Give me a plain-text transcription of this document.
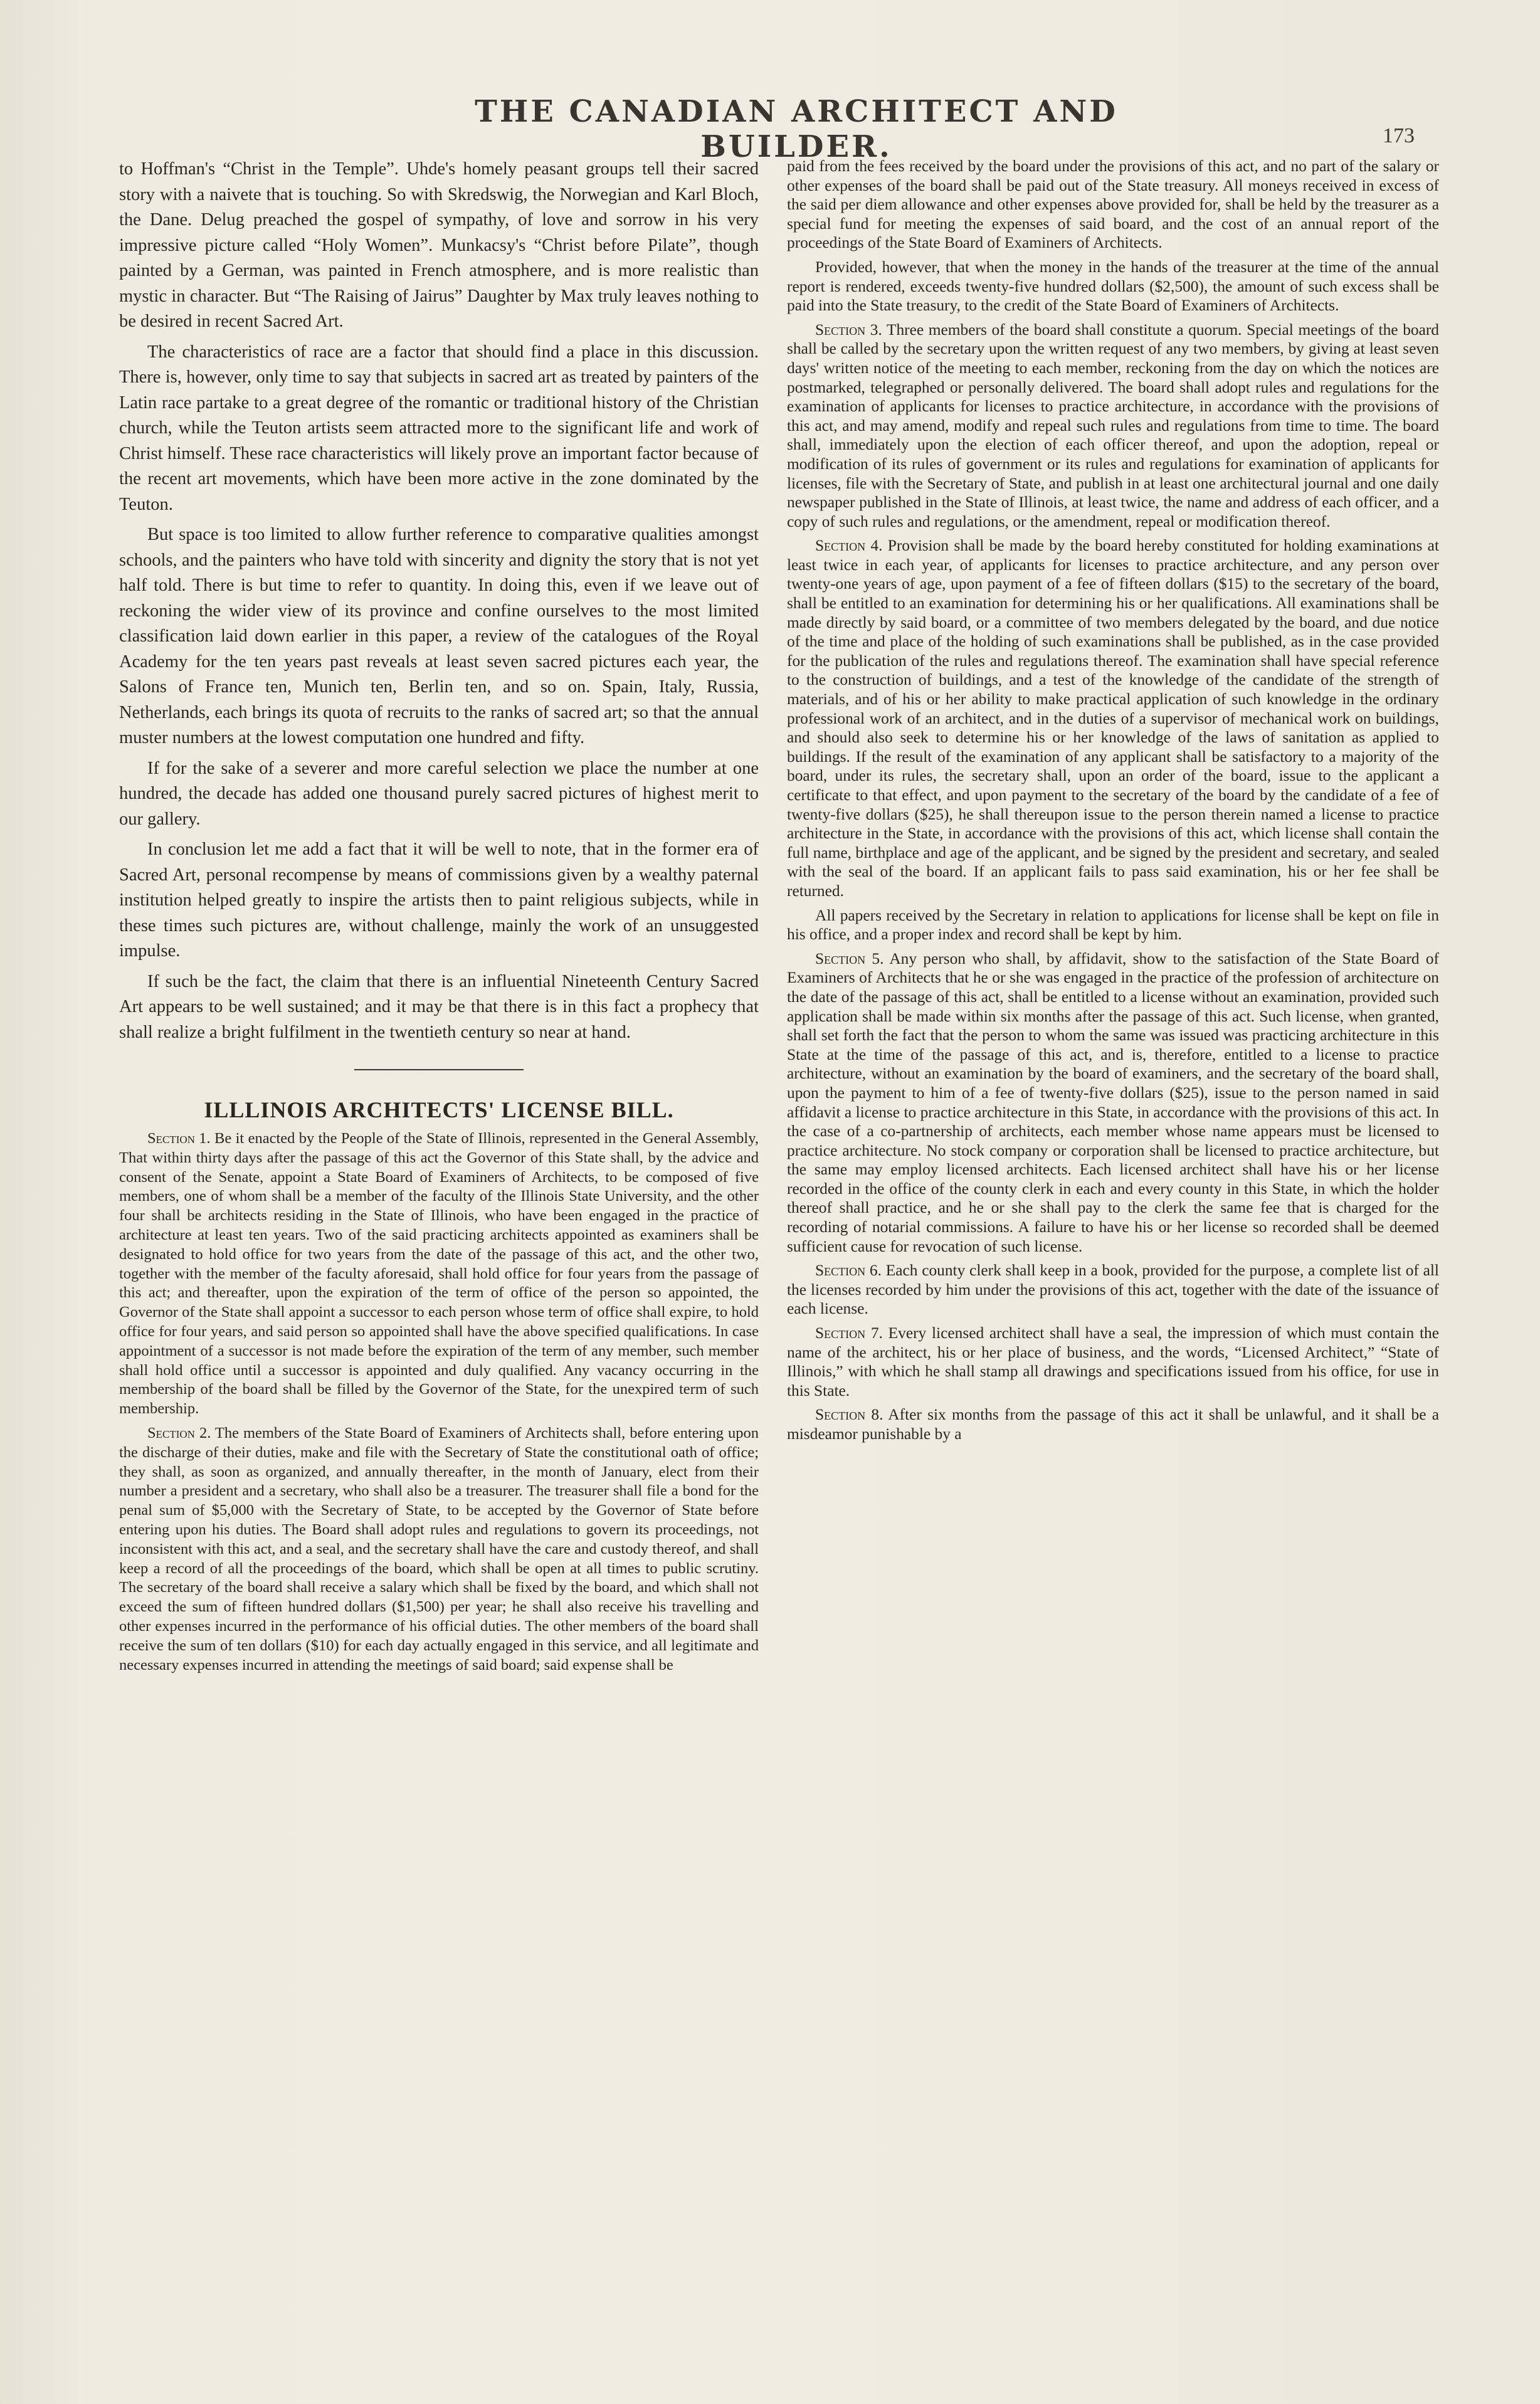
THE CANADIAN ARCHITECT AND BUILDER.	173

to Hoffman's “Christ in the Temple”. Uhde's homely peasant groups tell their sacred story with a naivete that is touching. So with Skredswig, the Norwegian and Karl Bloch, the Dane. Delug preached the gospel of sympathy, of love and sorrow in his very impressive picture called “Holy Women”. Munkacsy's “Christ before Pilate”, though painted by a German, was painted in French atmosphere, and is more realistic than mystic in character. But “The Raising of Jairus” Daughter by Max truly leaves nothing to be desired in recent Sacred Art.

The characteristics of race are a factor that should find a place in this discussion. There is, however, only time to say that subjects in sacred art as treated by painters of the Latin race partake to a great degree of the romantic or traditional history of the Christian church, while the Teuton artists seem attracted more to the significant life and work of Christ himself. These race characteristics will likely prove an important factor because of the recent art movements, which have been more active in the zone dominated by the Teuton.

But space is too limited to allow further reference to comparative qualities amongst schools, and the painters who have told with sincerity and dignity the story that is not yet half told. There is but time to refer to quantity. In doing this, even if we leave out of reckoning the wider view of its province and confine ourselves to the most limited classification laid down earlier in this paper, a review of the catalogues of the Royal Academy for the ten years past reveals at least seven sacred pictures each year, the Salons of France ten, Munich ten, Berlin ten, and so on. Spain, Italy, Russia, Netherlands, each brings its quota of recruits to the ranks of sacred art; so that the annual muster numbers at the lowest computation one hundred and fifty.

If for the sake of a severer and more careful selection we place the number at one hundred, the decade has added one thousand purely sacred pictures of highest merit to our gallery.

In conclusion let me add a fact that it will be well to note, that in the former era of Sacred Art, personal recompense by means of commissions given by a wealthy paternal institution helped greatly to inspire the artists then to paint religious subjects, while in these times such pictures are, without challenge, mainly the work of an unsuggested impulse.

If such be the fact, the claim that there is an influential Nineteenth Century Sacred Art appears to be well sustained; and it may be that there is in this fact a prophecy that shall realize a bright fulfilment in the twentieth century so near at hand.

ILLLINOIS ARCHITECTS' LICENSE BILL.

Section 1. Be it enacted by the People of the State of Illinois, represented in the General Assembly, That within thirty days after the passage of this act the Governor of this State shall, by the advice and consent of the Senate, appoint a State Board of Examiners of Architects, to be composed of five members, one of whom shall be a member of the faculty of the Illinois State University, and the other four shall be architects residing in the State of Illinois, who have been engaged in the practice of architecture at least ten years. Two of the said practicing architects appointed as examiners shall be designated to hold office for two years from the date of the passage of this act, and the other two, together with the member of the faculty aforesaid, shall hold office for four years from the passage of this act; and thereafter, upon the expiration of the term of office of the person so appointed, the Governor of the State shall appoint a successor to each person whose term of office shall expire, to hold office for four years, and said person so appointed shall have the above specified qualifications. In case appointment of a successor is not made before the expiration of the term of any member, such member shall hold office until a successor is appointed and duly qualified. Any vacancy occurring in the membership of the board shall be filled by the Governor of the State, for the unexpired term of such membership.

Section 2. The members of the State Board of Examiners of Architects shall, before entering upon the discharge of their duties, make and file with the Secretary of State the constitutional oath of office; they shall, as soon as organized, and annually thereafter, in the month of January, elect from their number a president and a secretary, who shall also be a treasurer. The treasurer shall file a bond for the penal sum of $5,000 with the Secretary of State, to be accepted by the Governor of State before entering upon his duties. The Board shall adopt rules and regulations to govern its proceedings, not inconsistent with this act, and a seal, and the secretary shall have the care and custody thereof, and shall keep a record of all the proceedings of the board, which shall be open at all times to public scrutiny. The secretary of the board shall receive a salary which shall be fixed by the board, and which shall not exceed the sum of fifteen hundred dollars ($1,500) per year; he shall also receive his travelling and other expenses incurred in the performance of his official duties. The other members of the board shall receive the sum of ten dollars ($10) for each day actually engaged in this service, and all legitimate and necessary expenses incurred in attending the meetings of said board; said expense shall be

paid from the fees received by the board under the provisions of this act, and no part of the salary or other expenses of the board shall be paid out of the State treasury. All moneys received in excess of the said per diem allowance and other expenses above provided for, shall be held by the treasurer as a special fund for meeting the expenses of said board, and the cost of an annual report of the proceedings of the State Board of Examiners of Architects.

Provided, however, that when the money in the hands of the treasurer at the time of the annual report is rendered, exceeds twenty-five hundred dollars ($2,500), the amount of such excess shall be paid into the State treasury, to the credit of the State Board of Examiners of Architects.

Section 3. Three members of the board shall constitute a quorum. Special meetings of the board shall be called by the secretary upon the written request of any two members, by giving at least seven days' written notice of the meeting to each member, reckoning from the day on which the notices are postmarked, telegraphed or personally delivered. The board shall adopt rules and regulations for the examination of applicants for licenses to practice architecture, in accordance with the provisions of this act, and may amend, modify and repeal such rules and regulations from time to time. The board shall, immediately upon the election of each officer thereof, and upon the adoption, repeal or modification of its rules of government or its rules and regulations for examination of applicants for licenses, file with the Secretary of State, and publish in at least one architectural journal and one daily newspaper published in the State of Illinois, at least twice, the name and address of each officer, and a copy of such rules and regulations, or the amendment, repeal or modification thereof.

Section 4. Provision shall be made by the board hereby constituted for holding examinations at least twice in each year, of applicants for licenses to practice architecture, and any person over twenty-one years of age, upon payment of a fee of fifteen dollars ($15) to the secretary of the board, shall be entitled to an examination for determining his or her qualifications. All examinations shall be made directly by said board, or a committee of two members delegated by the board, and due notice of the time and place of the holding of such examinations shall be published, as in the case provided for the publication of the rules and regulations thereof. The examination shall have special reference to the construction of buildings, and a test of the knowledge of the candidate of the strength of materials, and of his or her ability to make practical application of such knowledge in the ordinary professional work of an architect, and in the duties of a supervisor of mechanical work on buildings, and should also seek to determine his or her knowledge of the laws of sanitation as applied to buildings. If the result of the examination of any applicant shall be satisfactory to a majority of the board, under its rules, the secretary shall, upon an order of the board, issue to the applicant a certificate to that effect, and upon payment to the secretary of the board by the candidate of a fee of twenty-five dollars ($25), he shall thereupon issue to the person therein named a license to practice architecture in the State, in accordance with the provisions of this act, which license shall contain the full name, birthplace and age of the applicant, and be signed by the president and secretary, and sealed with the seal of the board. If an applicant fails to pass said examination, his or her fee shall be returned.

All papers received by the Secretary in relation to applications for license shall be kept on file in his office, and a proper index and record shall be kept by him.

Section 5. Any person who shall, by affidavit, show to the satisfaction of the State Board of Examiners of Architects that he or she was engaged in the practice of the profession of architecture on the date of the passage of this act, shall be entitled to a license without an examination, provided such application shall be made within six months after the passage of this act. Such license, when granted, shall set forth the fact that the person to whom the same was issued was practicing architecture in this State at the time of the passage of this act, and is, therefore, entitled to a license to practice architecture, without an examination by the board of examiners, and the secretary of the board shall, upon the payment to him of a fee of twenty-five dollars ($25), issue to the person named in said affidavit a license to practice architecture in this State, in accordance with the provisions of this act. In the case of a co-partnership of architects, each member whose name appears must be licensed to practice architecture. No stock company or corporation shall be licensed to practice architecture, but the same may employ licensed architects. Each licensed architect shall have his or her license recorded in the office of the county clerk in each and every county in this State, in which the holder thereof shall practice, and he or she shall pay to the clerk the same fee that is charged for the recording of notarial commissions. A failure to have his or her license so recorded shall be deemed sufficient cause for revocation of such license.

Section 6. Each county clerk shall keep in a book, provided for the purpose, a complete list of all the licenses recorded by him under the provisions of this act, together with the date of the issuance of each license.

Section 7. Every licensed architect shall have a seal, the impression of which must contain the name of the architect, his or her place of business, and the words, “Licensed Architect,” “State of Illinois,” with which he shall stamp all drawings and specifications issued from his office, for use in this State.

Section 8. After six months from the passage of this act it shall be unlawful, and it shall be a misdeamor punishable by a
